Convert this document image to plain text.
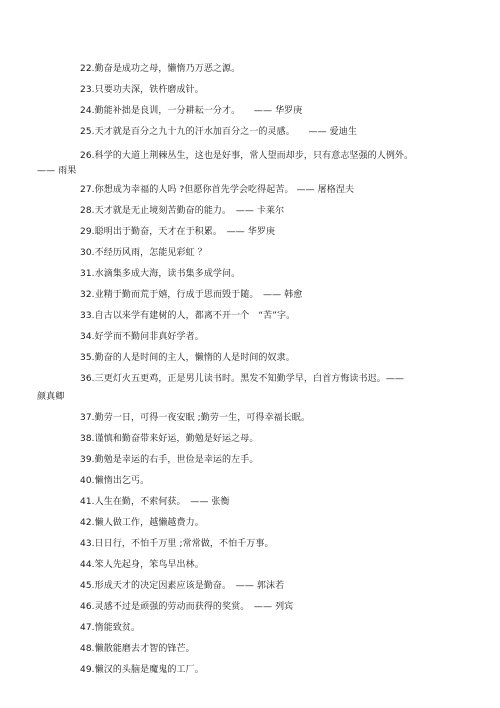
22.勤奋是成功之母，懒惰乃万恶之源。
23.只要功夫深，铁杵磨成针。
24.勤能补拙是良训，一分耕耘一分才。　　—— 华罗庚
25.天才就是百分之九十九的汗水加百分之一的灵感。　　—— 爱迪生
26.科学的大道上荆棘丛生，这也是好事，常人望而却步，只有意志坚强的人例外。
—— 雨果
27.你想成为幸福的人吗 ?但愿你首先学会吃得起苦。 —— 屠格涅夫
28.天才就是无止境刻苦勤奋的能力。　—— 卡莱尔
29.聪明出于勤奋，天才在于积累。　—— 华罗庚
30.不经历风雨，怎能见彩虹 ？
31.水滴集多成大海，读书集多成学问。
32.业精于勤而荒于嬉，行成于思而毁于随。　—— 韩愈
33.自古以来学有建树的人，都离不开一个　“苦”字。
34.好学而不勤问非真好学者。
35.勤奋的人是时间的主人，懒惰的人是时间的奴隶。
36.三更灯火五更鸡，正是男儿读书时。黑发不知勤学早，白首方悔读书迟。——
颜真卿
37.勤劳一日，可得一夜安眠 ;勤劳一生，可得幸福长眠。
38.谨慎和勤奋带来好运，勤勉是好运之母。
39.勤勉是幸运的右手，世俭是幸运的左手。
40.懒惰出乞丐。
41.人生在勤，不索何获。　—— 张衡
42.懒人做工作，越懒越费力。
43.日日行，不怕千万里 ;常常做，不怕千万事。
44.笨人先起身，笨鸟早出林。
45.形成天才的决定因素应该是勤奋。　—— 郭沫若
46.灵感不过是顽强的劳动而获得的奖赏。　—— 列宾
47.惰能致贫。
48.懒散能磨去才智的锋芒。
49.懒汉的头脑是魔鬼的工厂。
